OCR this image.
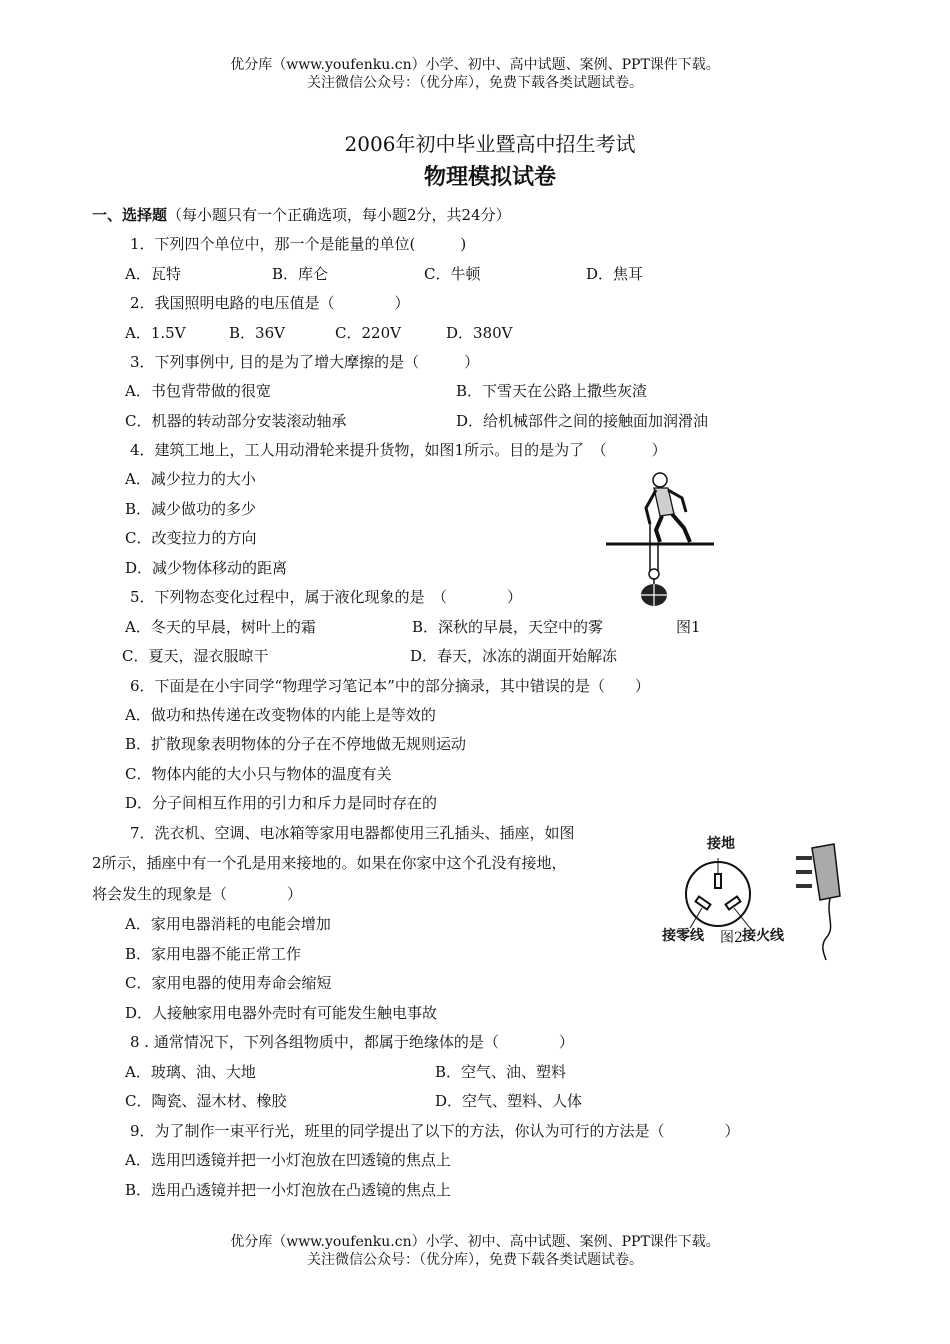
优分库（www.youfenku.cn）小学、初中、高中试题、案例、PPT课件下载。
关注微信公众号：（优分库），免费下载各类试题试卷。
2006年初中毕业暨高中招生考试
物理模拟试卷
一、选择题（每小题只有一个正确选项，每小题2分，共24分）
1．下列四个单位中，那一个是能量的单位(　　　)
A．瓦特	B．库仑	C．牛顿	D．焦耳
2．我国照明电路的电压值是（　　　　）
A．1.5V	B．36V	C．220V	D．380V
3．下列事例中, 目的是为了增大摩擦的是（　　　）
A．书包背带做的很宽	B．下雪天在公路上撒些灰渣
C．机器的转动部分安装滚动轴承	D．给机械部件之间的接触面加润滑油
4．建筑工地上，工人用动滑轮来提升货物，如图1所示。目的是为了　（　　　）
A．减少拉力的大小
B．减少做功的多少
C．改变拉力的方向
D．减少物体移动的距离
5．下列物态变化过程中，属于液化现象的是　（　　　　）
A．冬天的早晨，树叶上的霜	B．深秋的早晨，天空中的雾	图1
C．夏天，湿衣服晾干	D．春天，冰冻的湖面开始解冻
6．下面是在小宇同学“物理学习笔记本”中的部分摘录，其中错误的是（　　）
A．做功和热传递在改变物体的内能上是等效的
B．扩散现象表明物体的分子在不停地做无规则运动
C．物体内能的大小只与物体的温度有关
D．分子间相互作用的引力和斥力是同时存在的
7．洗衣机、空调、电冰箱等家用电器都使用三孔插头、插座，如图
2所示，插座中有一个孔是用来接地的。如果在你家中这个孔没有接地，
将会发生的现象是（　　　　）
A．家用电器消耗的电能会增加
B．家用电器不能正常工作
C．家用电器的使用寿命会缩短
D．人接触家用电器外壳时有可能发生触电事故
接地
接零线 图2 接火线
8 . 通常情况下，下列各组物质中，都属于绝缘体的是（　　　　）
A．玻璃、油、大地	B．空气、油、塑料
C．陶瓷、湿木材、橡胶	D．空气、塑料、人体
9．为了制作一束平行光，班里的同学提出了以下的方法，你认为可行的方法是（　　　　）
A．选用凹透镜并把一小灯泡放在凹透镜的焦点上
B．选用凸透镜并把一小灯泡放在凸透镜的焦点上
优分库（www.youfenku.cn）小学、初中、高中试题、案例、PPT课件下载。
关注微信公众号：（优分库），免费下载各类试题试卷。
